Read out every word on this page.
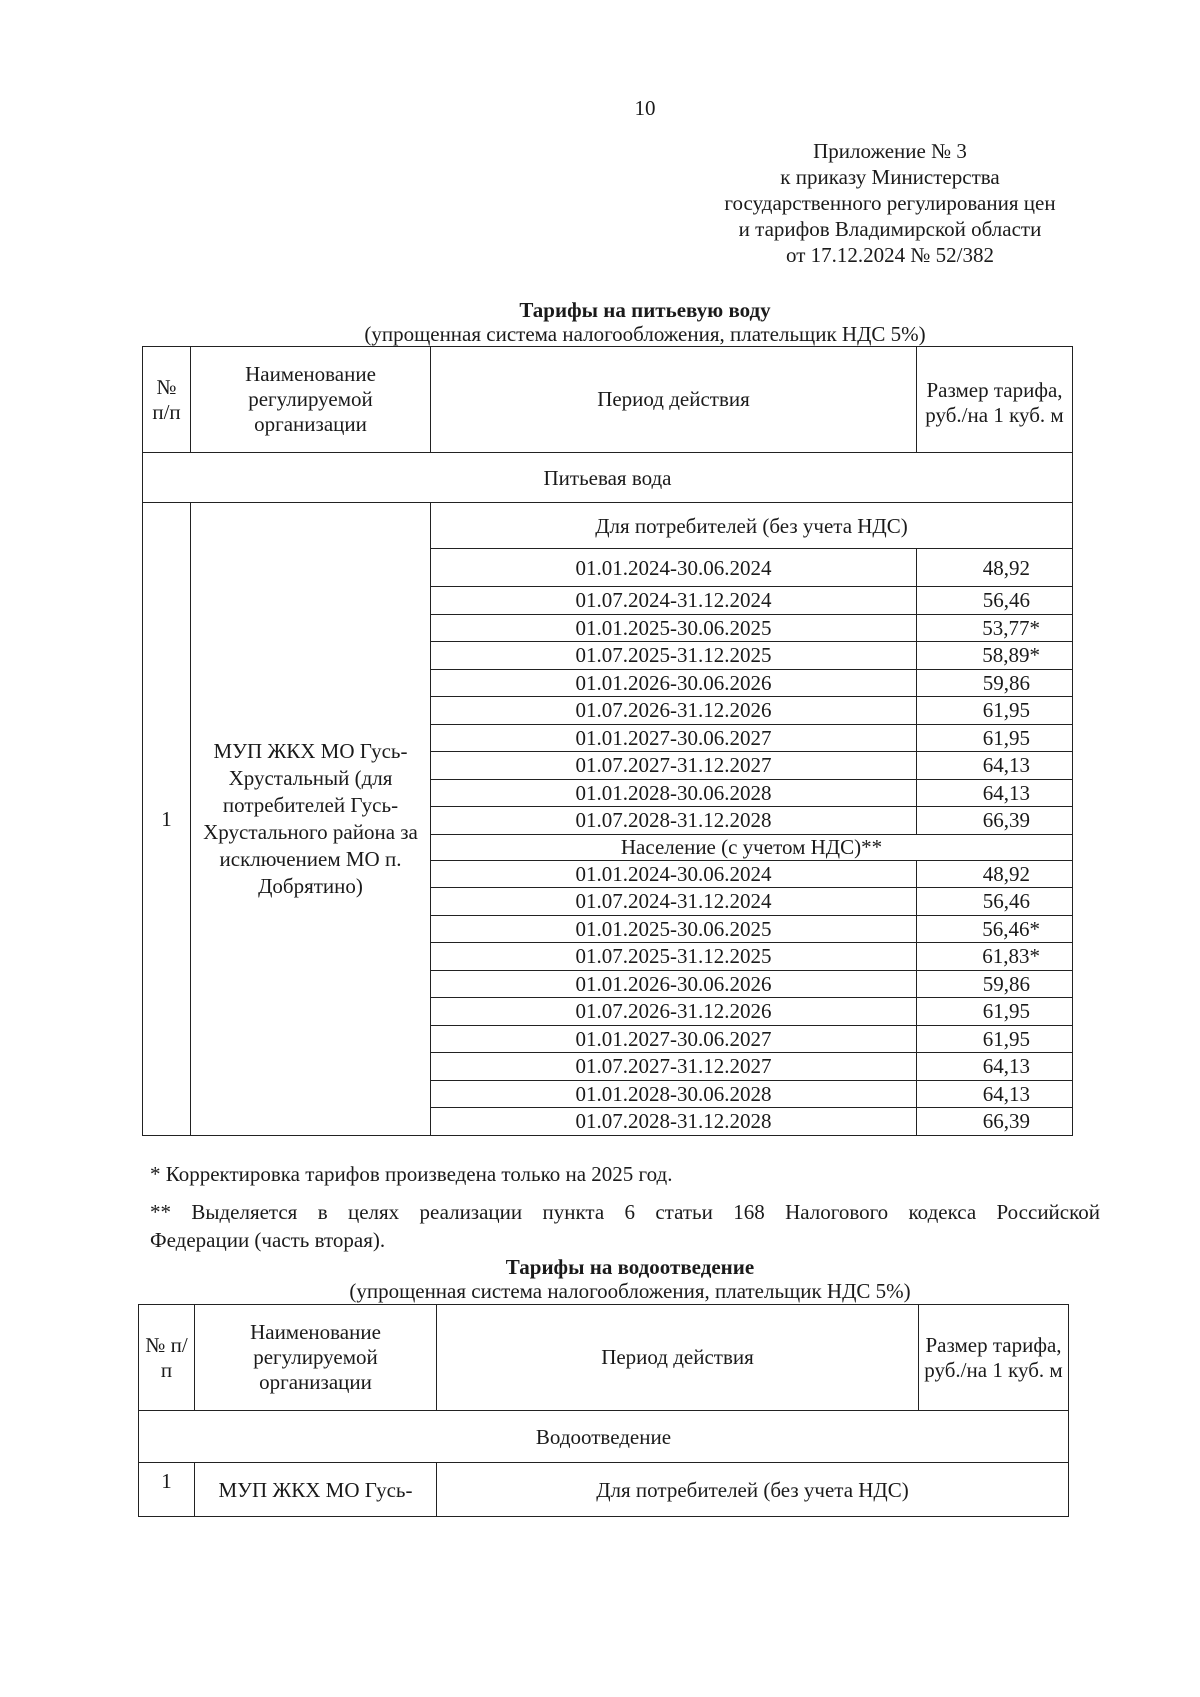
10
Приложение № 3
к приказу Министерства
государственного регулирования цен
и тарифов Владимирской области
от 17.12.2024 № 52/382
Тарифы на питьевую воду
(упрощенная система налогообложения, плательщик НДС 5%)
№ п/п	Наименование регулируемой организации	Период действия	Размер тарифа, руб./на 1 куб. м
Питьевая вода			
1	МУП ЖКХ МО Гусь-Хрустальный (для потребителей Гусь-Хрустального района за исключением МО п. Добрятино)	Для потребителей (без учета НДС)	
		01.01.2024-30.06.2024	48,92
		01.07.2024-31.12.2024	56,46
		01.01.2025-30.06.2025	53,77*
		01.07.2025-31.12.2025	58,89*
		01.01.2026-30.06.2026	59,86
		01.07.2026-31.12.2026	61,95
		01.01.2027-30.06.2027	61,95
		01.07.2027-31.12.2027	64,13
		01.01.2028-30.06.2028	64,13
		01.07.2028-31.12.2028	66,39
		Население (с учетом НДС)**	
		01.01.2024-30.06.2024	48,92
		01.07.2024-31.12.2024	56,46
		01.01.2025-30.06.2025	56,46*
		01.07.2025-31.12.2025	61,83*
		01.01.2026-30.06.2026	59,86
		01.07.2026-31.12.2026	61,95
		01.01.2027-30.06.2027	61,95
		01.07.2027-31.12.2027	64,13
		01.01.2028-30.06.2028	64,13
		01.07.2028-31.12.2028	66,39
* Корректировка тарифов произведена только на 2025 год.
** Выделяется в целях реализации пункта 6 статьи 168 Налогового кодекса Российской
Федерации (часть вторая).
Тарифы на водоотведение
(упрощенная система налогообложения, плательщик НДС 5%)
№ п/п	Наименование регулируемой организации	Период действия	Размер тарифа, руб./на 1 куб. м
Водоотведение			
1	МУП ЖКХ МО Гусь-	Для потребителей (без учета НДС)	
